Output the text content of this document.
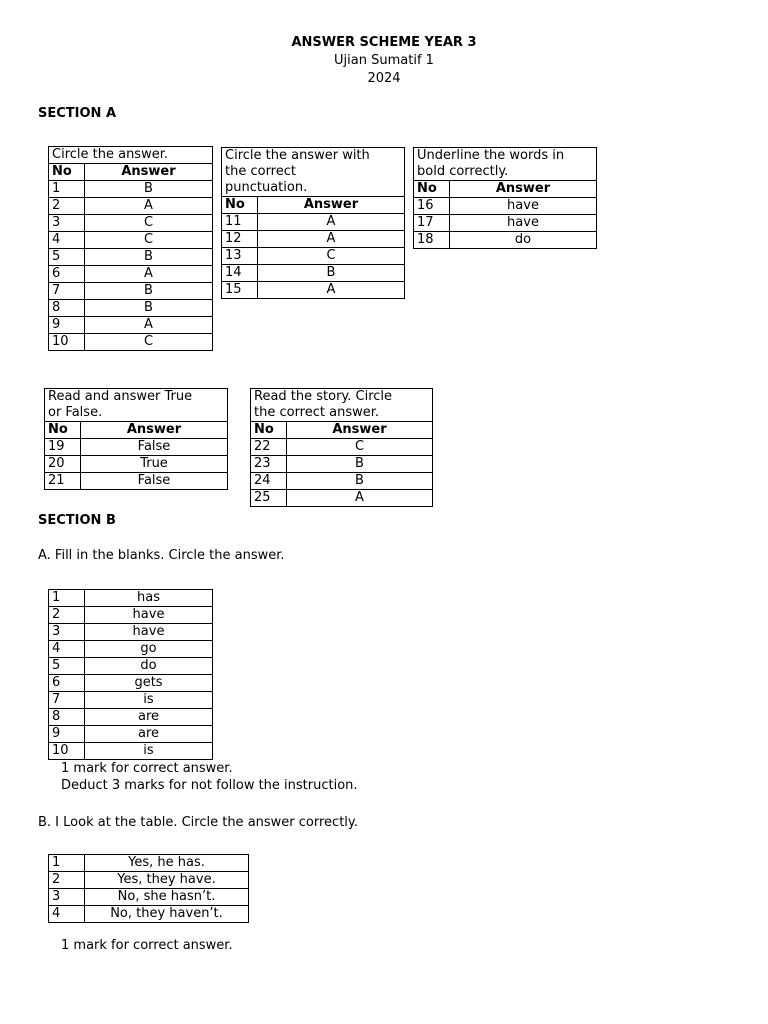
ANSWER SCHEME YEAR 3
Ujian Sumatif 1
2024
SECTION A
Circle the answer.	
No	Answer
1	B
2	A
3	C
4	C
5	B
6	A
7	B
8	B
9	A
10	C
Circle the answer with
the correct
punctuation.	

No	Answer
11	A
12	A
13	C
14	B
15	A
Underline the words in
bold correctly.	

No	Answer
16	have
17	have
18	do
Read and answer True
or False.	

No	Answer
19	False
20	True
21	False
Read the story. Circle
the correct answer.	

No	Answer
22	C
23	B
24	B
25	A
SECTION B
A. Fill in the blanks. Circle the answer.
1	has
2	have
3	have
4	go
5	do
6	gets
7	is
8	are
9	are
10	is
1 mark for correct answer.
Deduct 3 marks for not follow the instruction.
B. I Look at the table. Circle the answer correctly.
1	Yes, he has.
2	Yes, they have.
3	No, she hasn’t.
4	No, they haven’t.
1 mark for correct answer.
